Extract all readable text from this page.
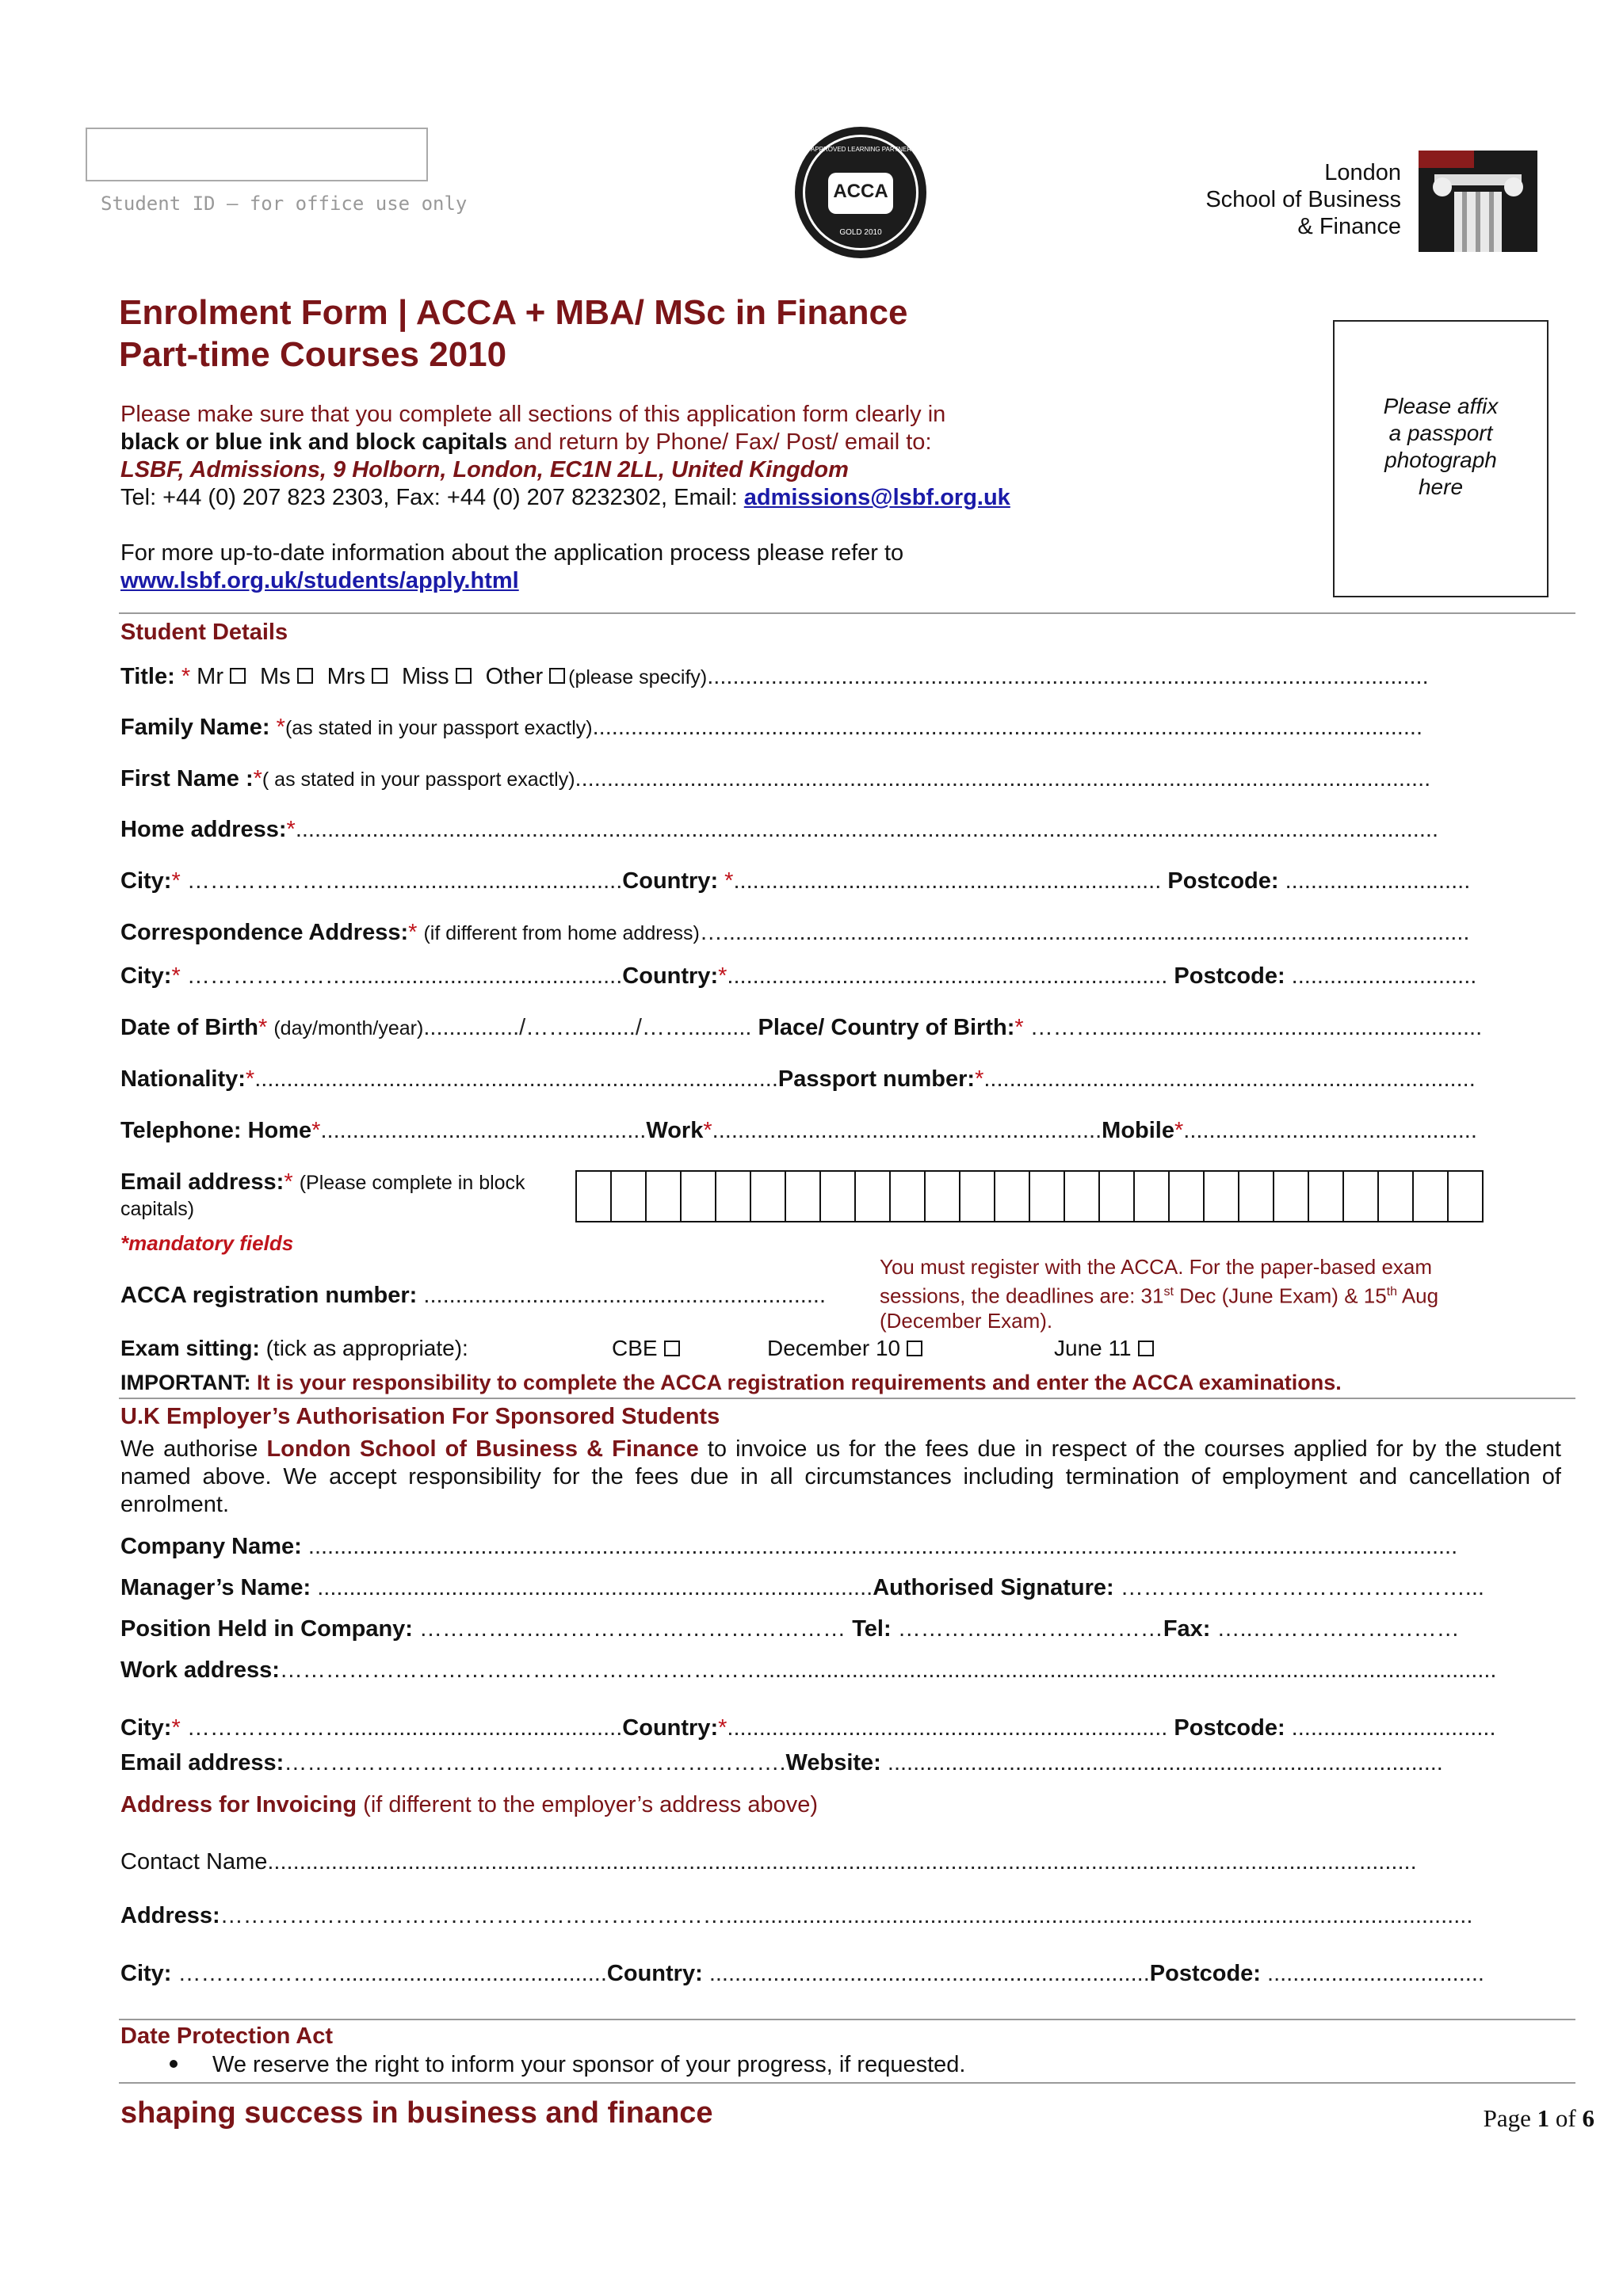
Student ID – for office use only
ACCA
APPROVED LEARNING PARTNER · STUDENT TUITION
GOLD 2010
London
School of Business
& Finance
Enrolment Form | ACCA + MBA/ MSc in Finance
Part-time Courses 2010
Please make sure that you complete all sections of this application form clearly in
black or blue ink and block capitals and return by Phone/ Fax/ Post/ email to:
LSBF, Admissions, 9 Holborn, London, EC1N 2LL, United Kingdom
Tel: +44 (0) 207 823 2303, Fax: +44 (0) 207 8232302, Email: admissions@lsbf.org.uk
For more up-to-date information about the application process please refer to
www.lsbf.org.uk/students/apply.html
Please affix
a passport
photograph
here
Student Details
Title: * Mr Ms Mrs Miss Other (please specify).................................................................................................................
Family Name: *(as stated in your passport exactly)..................................................................................................................................
First Name :*( as stated in your passport exactly)......................................................................................................................................
Home address:*...................................................................................................................................................................................
City:* …………………...........................................Country: *................................................................... Postcode: .............................
Correspondence Address:* (if different from home address)….....................................................................................................................
City:* …………………...........................................Country:*..................................................................... Postcode: .............................
Date of Birth* (day/month/year).............../……........../…….......... Place/ Country of Birth:* ………............................................................
Nationality:*..................................................................................Passport number:*.............................................................................
Telephone: Home*...................................................Work*.............................................................Mobile*..............................................
Email address:* (Please complete in block
capitals)
*mandatory fields
You must register with the ACCA. For the paper-based exam
sessions, the deadlines are: 31st Dec (June Exam) & 15th Aug
(December Exam).
ACCA registration number: ...............................................................
Exam sitting: (tick as appropriate):	CBE	December 10	June 11
IMPORTANT: It is your responsibility to complete the ACCA registration requirements and enter the ACCA examinations.
U.K Employer’s Authorisation For Sponsored Students
We authorise London School of Business & Finance to invoice us for the fees due in respect of the courses applied for by the student named above. We accept responsibility for the fees due in all circumstances including termination of employment and cancellation of enrolment.
Company Name: ....................................................................................................................................................................................
Manager’s Name: .......................................................................................Authorised Signature: ………………………………………...
Position Held in Company: ……………..………………………………… Tel: …………..…………………Fax: …..………………………
Work address:………………………………………………………...................................................................................................................
City:* …………………...........................................Country:*..................................................................... Postcode: ................................
Email address:…………………………..…………………………….Website: .......................................................................................
Address for Invoicing (if different to the employer’s address above)
Contact Name....................................................................................................................................................................................
Address:………………………………………………………….....................................................................................................................
City: …………………..........................................Country: .....................................................................Postcode: ..................................
Date Protection Act
We reserve the right to inform your sponsor of your progress, if requested.
shaping success in business and finance	Page 1 of 6
